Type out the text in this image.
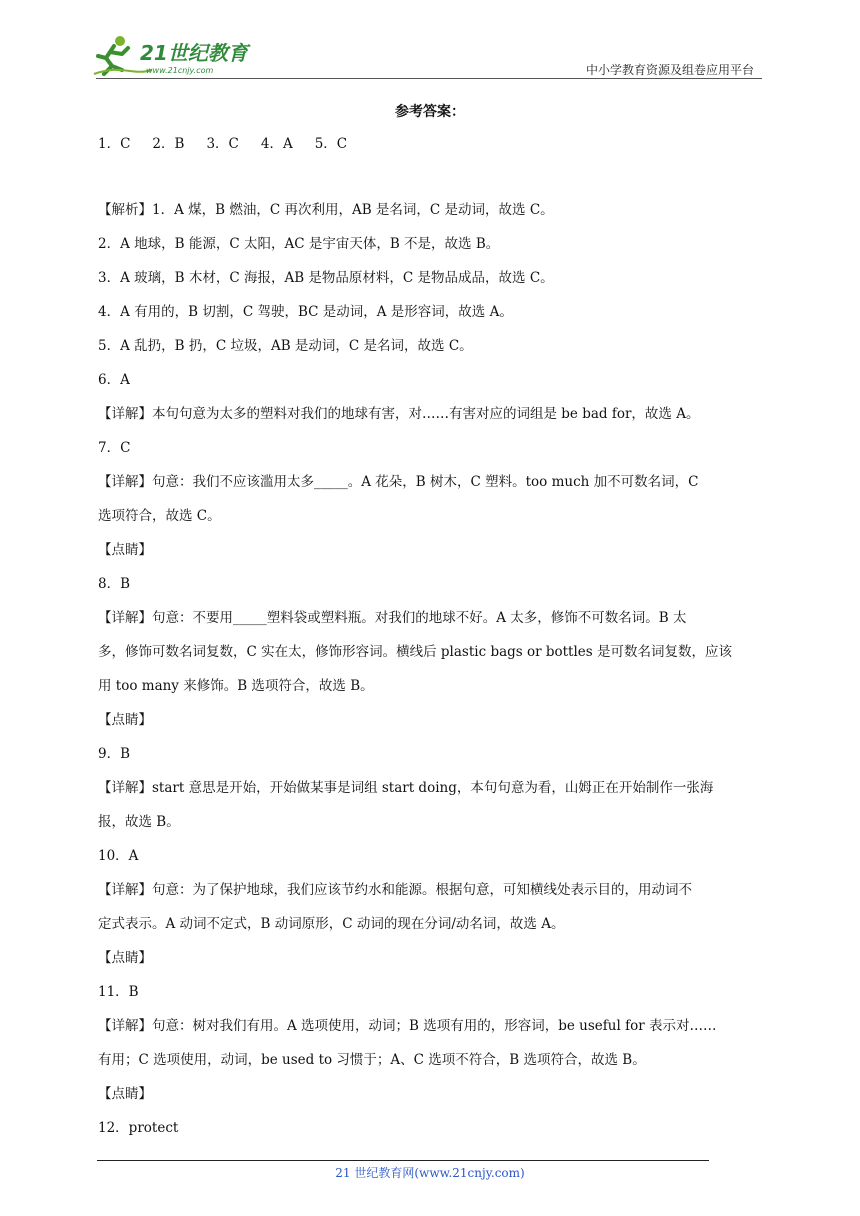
21世纪教育
www.21cnjy.com	中小学教育资源及组卷应用平台
参考答案：
1．C 2．B 3．C 4．A 5．C
【解析】1．A 煤，B 燃油，C 再次利用，AB 是名词，C 是动词，故选 C。
2．A 地球，B 能源，C 太阳，AC 是宇宙天体，B 不是，故选 B。
3．A 玻璃，B 木材，C 海报，AB 是物品原材料，C 是物品成品，故选 C。
4．A 有用的，B 切割，C 驾驶，BC 是动词，A 是形容词，故选 A。
5．A 乱扔，B 扔，C 垃圾，AB 是动词，C 是名词，故选 C。
6．A
【详解】本句句意为太多的塑料对我们的地球有害，对……有害对应的词组是 be bad for，故选 A。
7．C
【详解】句意：我们不应该滥用太多_____。A 花朵，B 树木，C 塑料。too much 加不可数名词，C
选项符合，故选 C。
【点睛】
8．B
【详解】句意：不要用_____塑料袋或塑料瓶。对我们的地球不好。A 太多，修饰不可数名词。B 太
多，修饰可数名词复数，C 实在太，修饰形容词。横线后 plastic bags or bottles 是可数名词复数，应该
用 too many 来修饰。B 选项符合，故选 B。
【点睛】
9．B
【详解】start 意思是开始，开始做某事是词组 start doing，本句句意为看，山姆正在开始制作一张海
报，故选 B。
10．A
【详解】句意：为了保护地球，我们应该节约水和能源。根据句意，可知横线处表示目的，用动词不
定式表示。A 动词不定式，B 动词原形，C 动词的现在分词/动名词，故选 A。
【点睛】
11．B
【详解】句意：树对我们有用。A 选项使用，动词；B 选项有用的，形容词，be useful for 表示对……
有用；C 选项使用，动词，be used to 习惯于；A、C 选项不符合，B 选项符合，故选 B。
【点睛】
12．protect
21 世纪教育网(www.21cnjy.com)
